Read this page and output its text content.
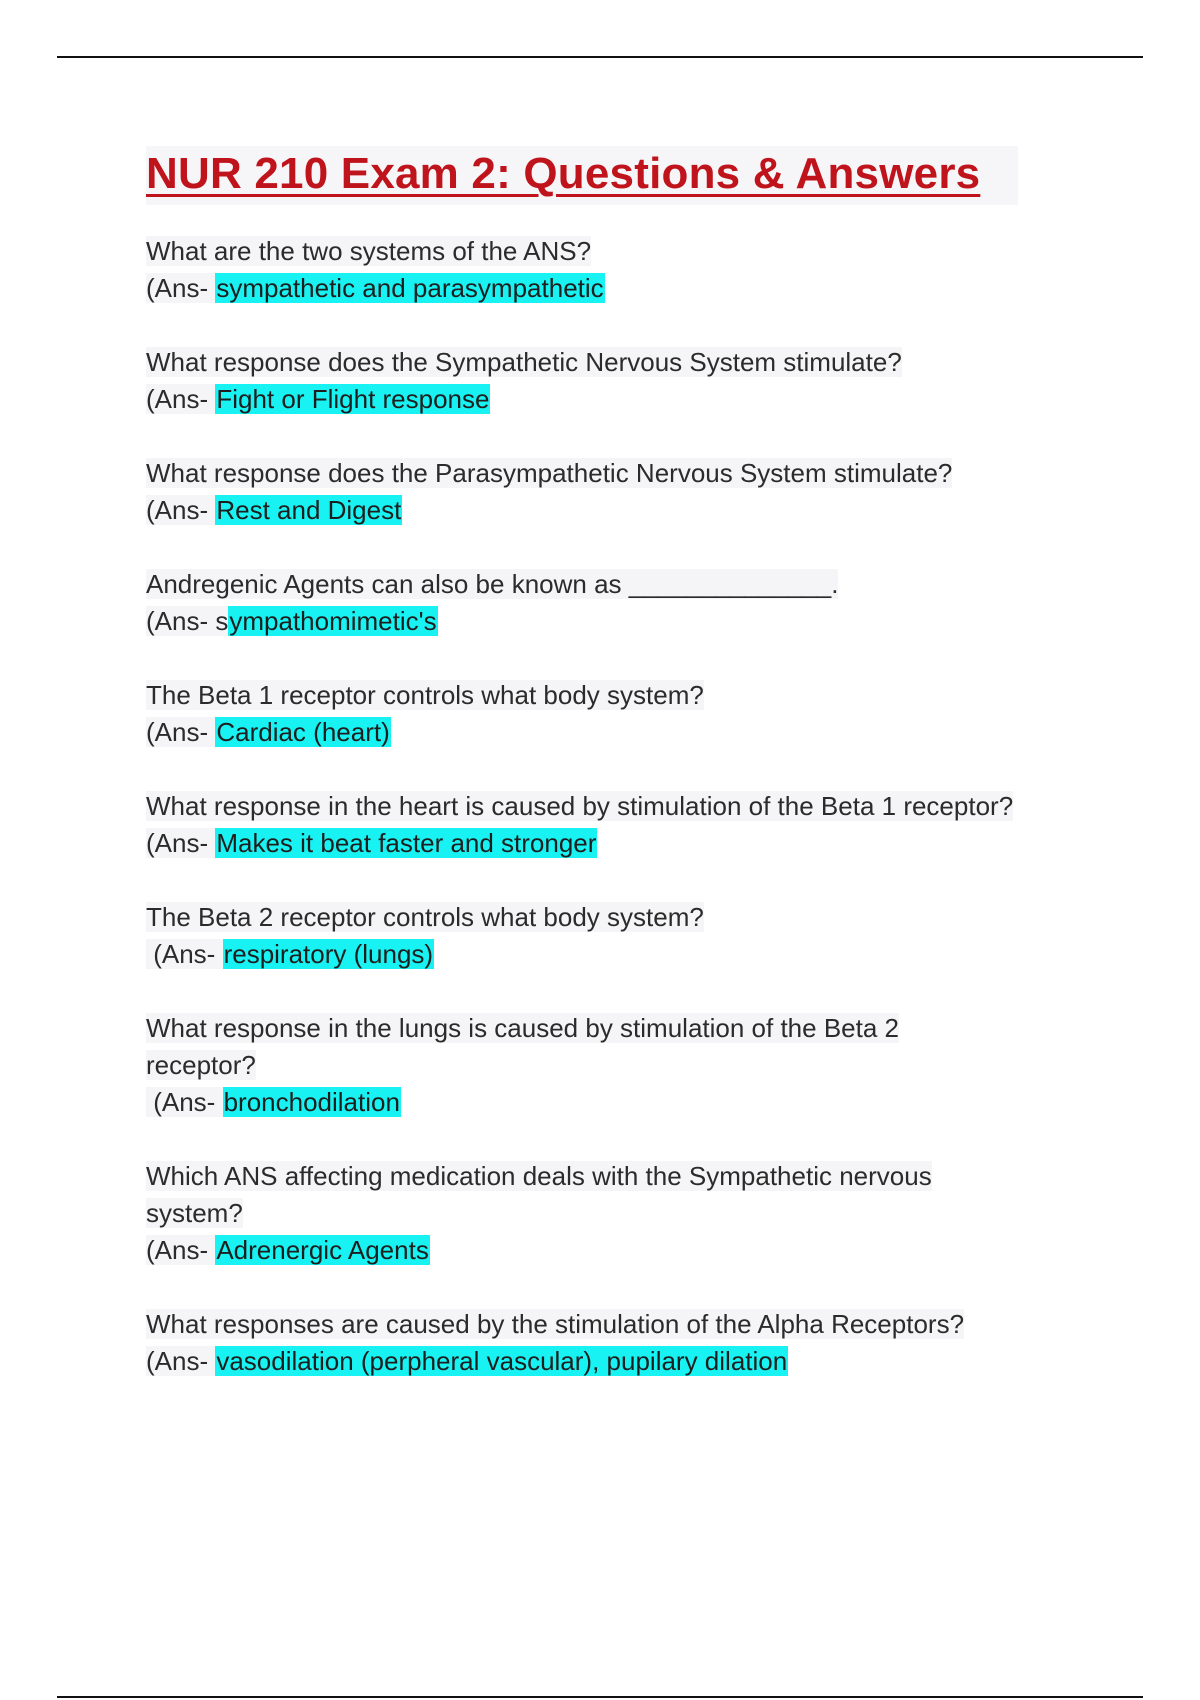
NUR 210 Exam 2: Questions & Answers
What are the two systems of the ANS?
(Ans- sympathetic and parasympathetic
What response does the Sympathetic Nervous System stimulate?
(Ans- Fight or Flight response
What response does the Parasympathetic Nervous System stimulate?
(Ans- Rest and Digest
Andregenic Agents can also be known as ______________.
(Ans- sympathomimetic's
The Beta 1 receptor controls what body system?
(Ans- Cardiac (heart)
What response in the heart is caused by stimulation of the Beta 1 receptor?
(Ans- Makes it beat faster and stronger
The Beta 2 receptor controls what body system?
(Ans- respiratory (lungs)
What response in the lungs is caused by stimulation of the Beta 2
receptor?
(Ans- bronchodilation
Which ANS affecting medication deals with the Sympathetic nervous
system?
(Ans- Adrenergic Agents
What responses are caused by the stimulation of the Alpha Receptors?
(Ans- vasodilation (perpheral vascular), pupilary dilation
